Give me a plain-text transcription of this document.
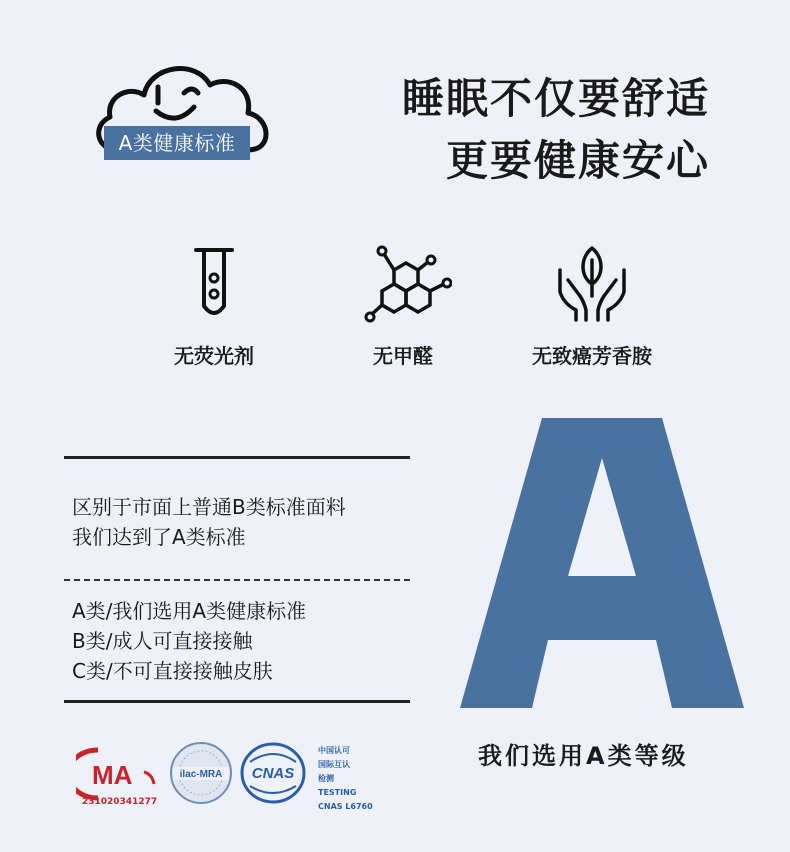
A类健康标准
睡眠不仅要舒适
更要健康安心
无荧光剂	无甲醛	无致癌芳香胺
区别于市面上普通B类标准面料
我们达到了A类标准
A类/我们选用A类健康标准
B类/成人可直接接触
C类/不可直接接触皮肤
我们选用A类等级
MA
231020341277
ilac-MRA CNAS
中国认可
国际互认
检测
TESTING
CNAS L6760
